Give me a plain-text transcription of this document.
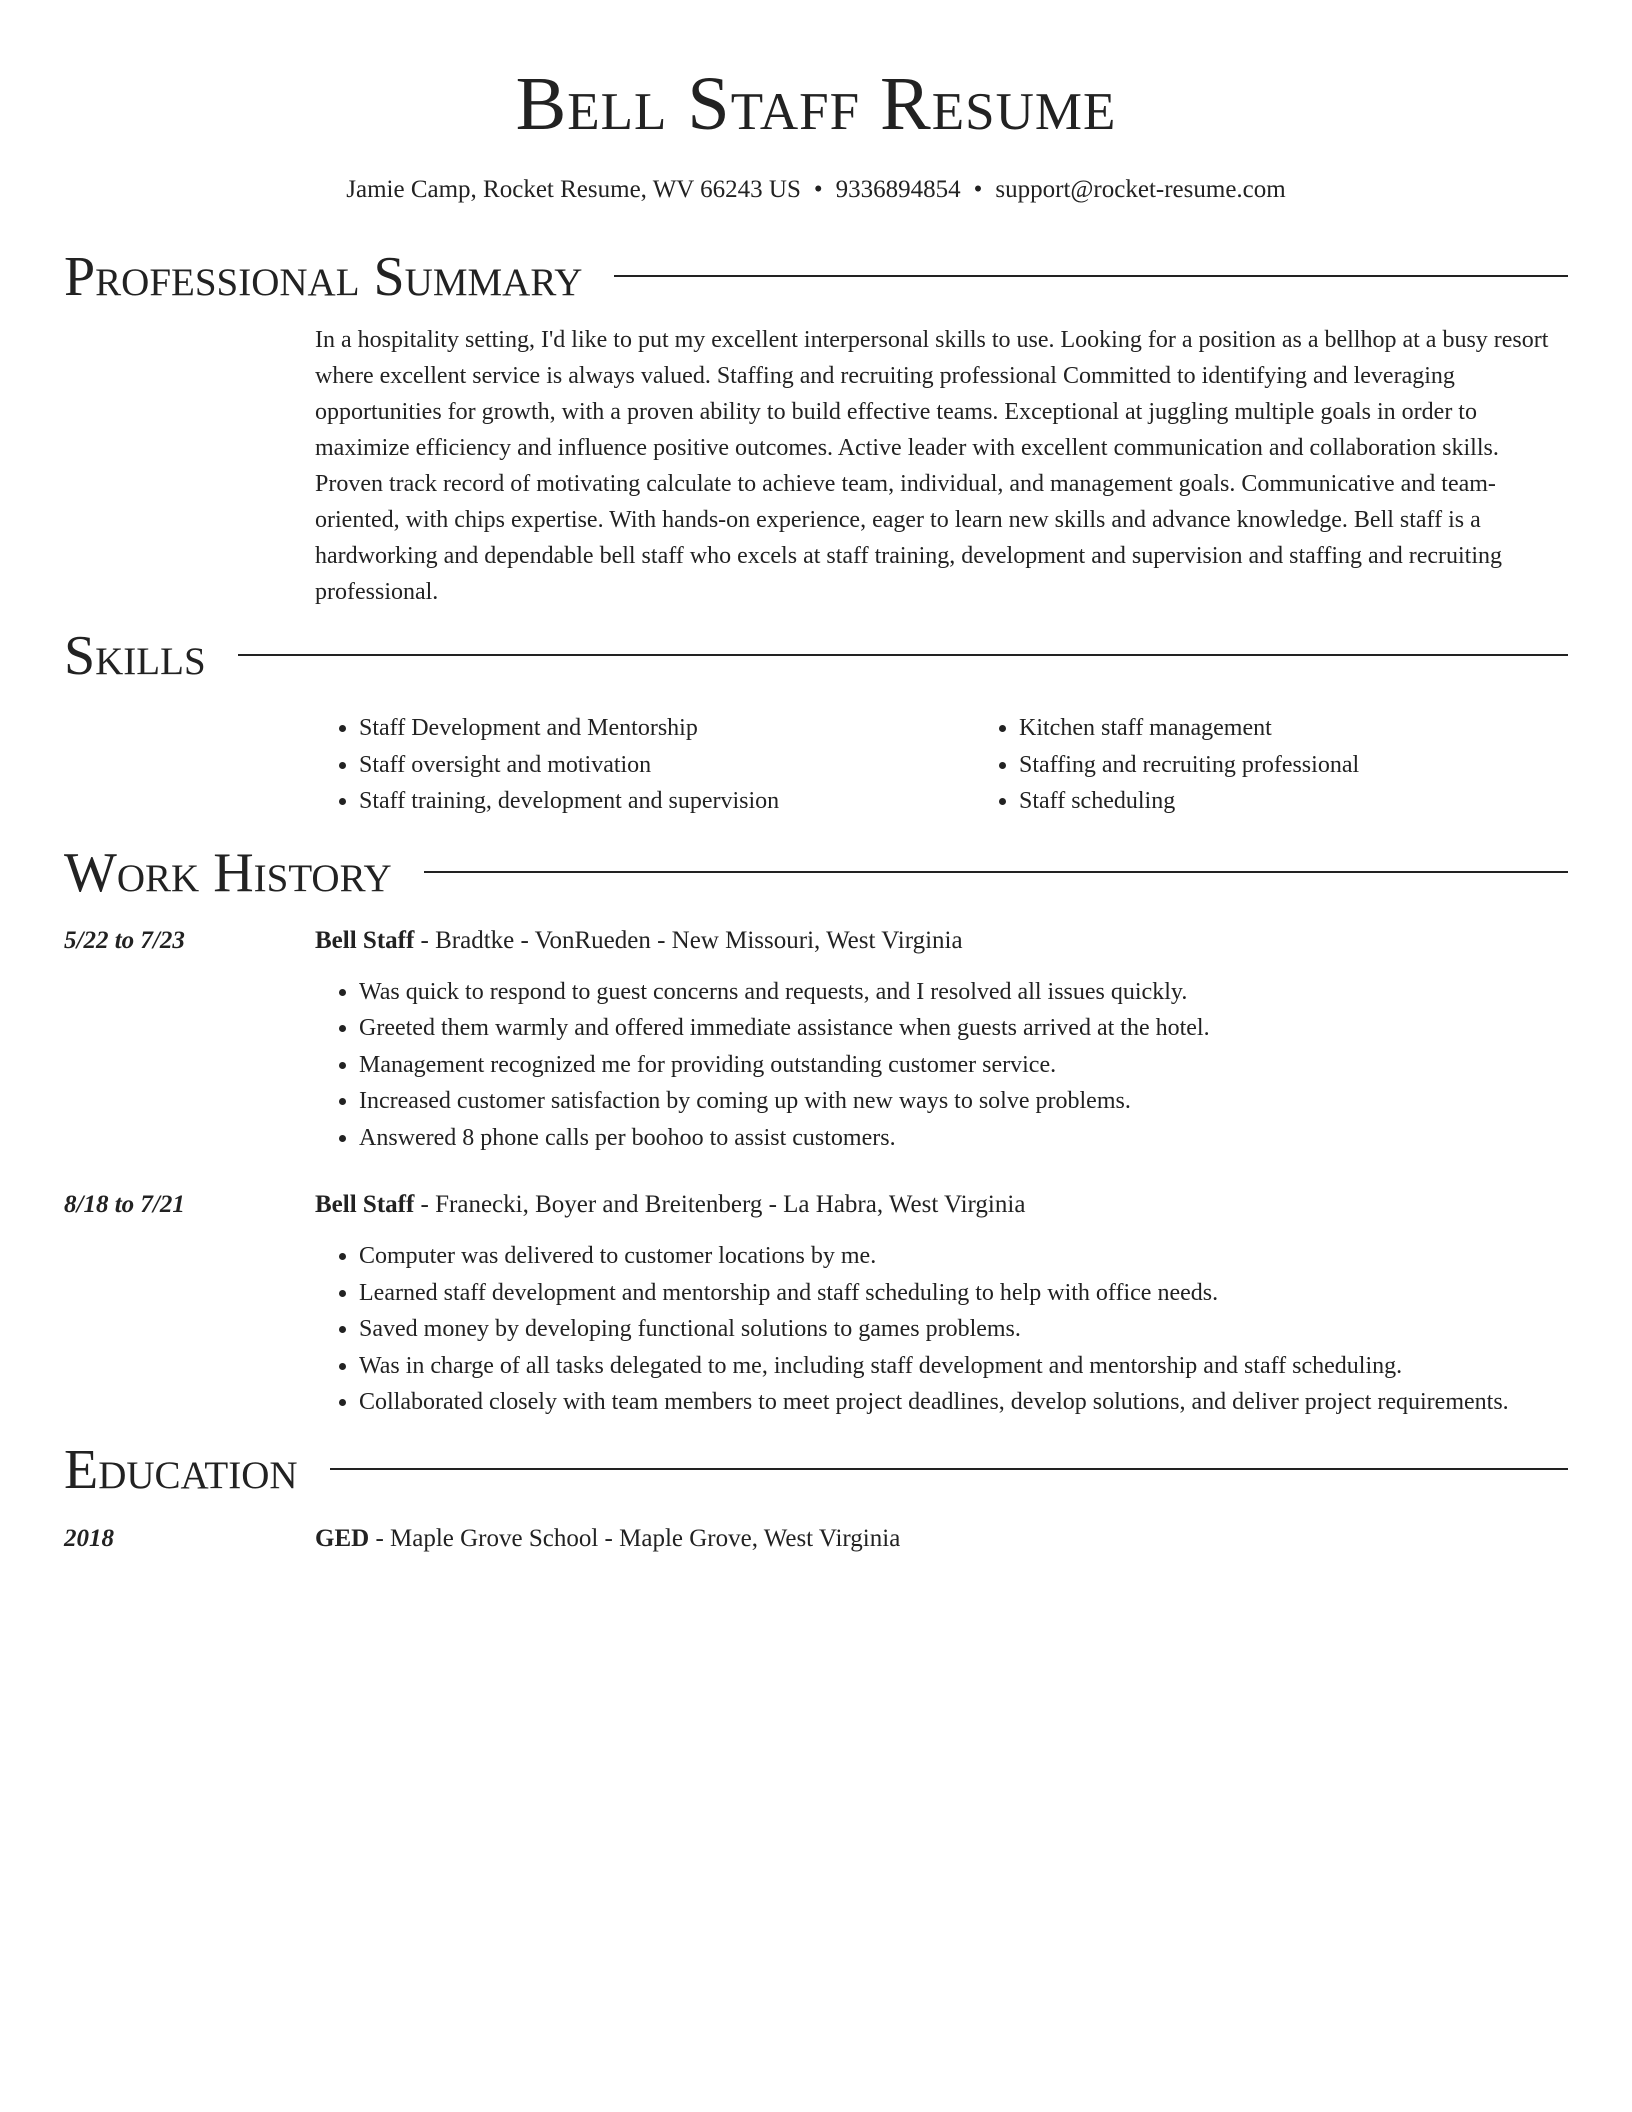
Bell Staff Resume
Jamie Camp, Rocket Resume, WV 66243 US • 9336894854 • support@rocket-resume.com
Professional Summary

In a hospitality setting, I'd like to put my excellent interpersonal skills to use. Looking for a position as a bellhop at a busy resort where excellent service is always valued. Staffing and recruiting professional Committed to identifying and leveraging opportunities for growth, with a proven ability to build effective teams. Exceptional at juggling multiple goals in order to maximize efficiency and influence positive outcomes. Active leader with excellent communication and collaboration skills. Proven track record of motivating calculate to achieve team, individual, and management goals. Communicative and team-oriented, with chips expertise. With hands-on experience, eager to learn new skills and advance knowledge. Bell staff is a hardworking and dependable bell staff who excels at staff training, development and supervision and staffing and recruiting professional.

Skills
• Staff Development and Mentorship
• Staff oversight and motivation
• Staff training, development and supervision
• Kitchen staff management
• Staffing and recruiting professional
• Staff scheduling
Work History
5/22 to 7/23	Bell Staff - Bradtke - VonRueden - New Missouri, West Virginia
• Was quick to respond to guest concerns and requests, and I resolved all issues quickly.
• Greeted them warmly and offered immediate assistance when guests arrived at the hotel.
• Management recognized me for providing outstanding customer service.
• Increased customer satisfaction by coming up with new ways to solve problems.
• Answered 8 phone calls per boohoo to assist customers.
8/18 to 7/21	Bell Staff - Franecki, Boyer and Breitenberg - La Habra, West Virginia
• Computer was delivered to customer locations by me.
• Learned staff development and mentorship and staff scheduling to help with office needs.
• Saved money by developing functional solutions to games problems.
• Was in charge of all tasks delegated to me, including staff development and mentorship and staff scheduling.
• Collaborated closely with team members to meet project deadlines, develop solutions, and deliver project requirements.
Education
2018	GED - Maple Grove School - Maple Grove, West Virginia
